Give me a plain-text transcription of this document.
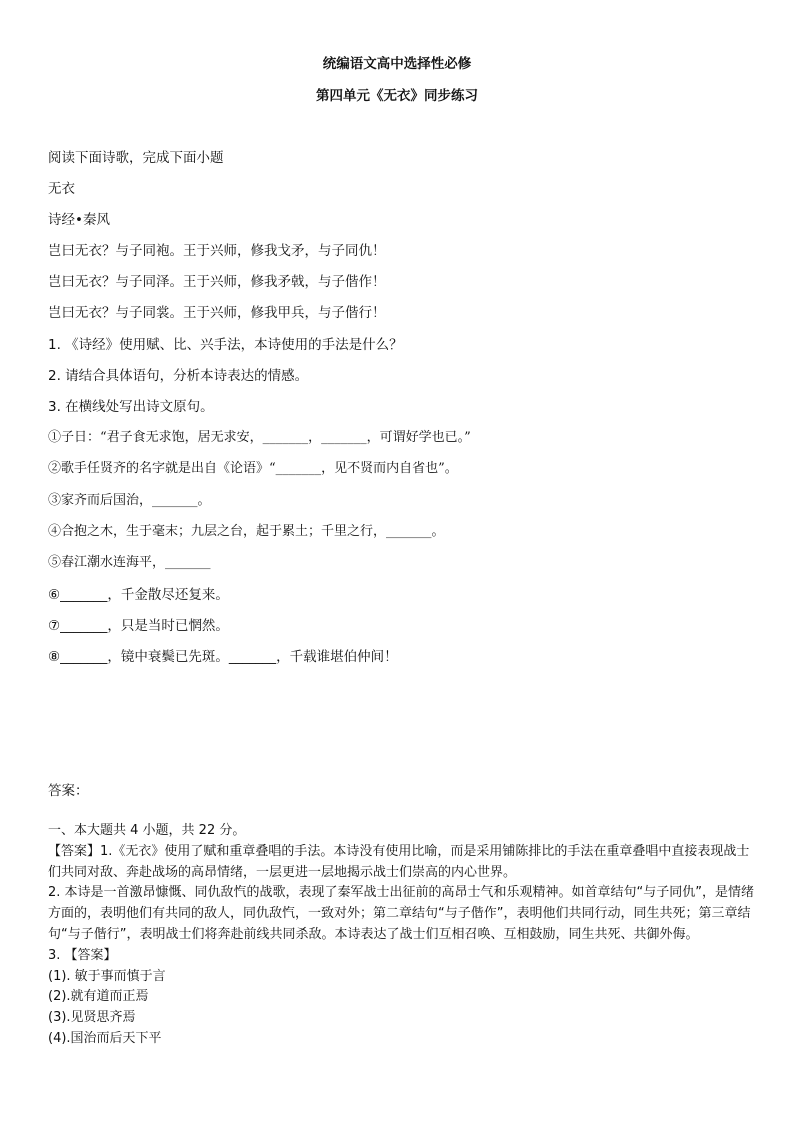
统编语文高中选择性必修

第四单元《无衣》同步练习

阅读下面诗歌，完成下面小题

无衣

诗经•秦风

岂曰无衣？与子同袍。王于兴师，修我戈矛，与子同仇！

岂曰无衣？与子同泽。王于兴师，修我矛戟，与子偕作！

岂曰无衣？与子同裳。王于兴师，修我甲兵，与子偕行！

1. 《诗经》使用赋、比、兴手法，本诗使用的手法是什么？

2. 请结合具体语句，分析本诗表达的情感。

3. 在横线处写出诗文原句。

①子日：“君子食无求饱，居无求安，_______，_______，可谓好学也已。”

②歌手任贤齐的名字就是出自《论语》“_______，见不贤而内自省也”。

③家齐而后国治，_______。

④合抱之木，生于毫末；九层之台，起于累土；千里之行，_______。

⑤春江潮水连海平，_______

⑥_______，千金散尽还复来。

⑦_______，只是当时已惘然。

⑧_______，镜中衰鬓已先斑。_______，千载谁堪伯仲间！

答案：

一、本大题共 4 小题，共 22 分。

【答案】1.《无衣》使用了赋和重章叠唱的手法。本诗没有使用比喻，而是采用铺陈排比的手法在重章叠唱中直接表现战士们共同对敌、奔赴战场的高昂情绪，一层更进一层地揭示战士们崇高的内心世界。

2. 本诗是一首激昂慷慨、同仇敌忾的战歌，表现了秦军战士出征前的高昂士气和乐观精神。如首章结句“与子同仇”，是情绪方面的，表明他们有共同的敌人，同仇敌忾，一致对外；第二章结句“与子偕作”，表明他们共同行动，同生共死；第三章结句“与子偕行”，表明战士们将奔赴前线共同杀敌。本诗表达了战士们互相召唤、互相鼓励，同生共死、共御外侮。

3. 【答案】

(1). 敏于事而慎于言

(2).就有道而正焉

(3).见贤思齐焉

(4).国治而后天下平
